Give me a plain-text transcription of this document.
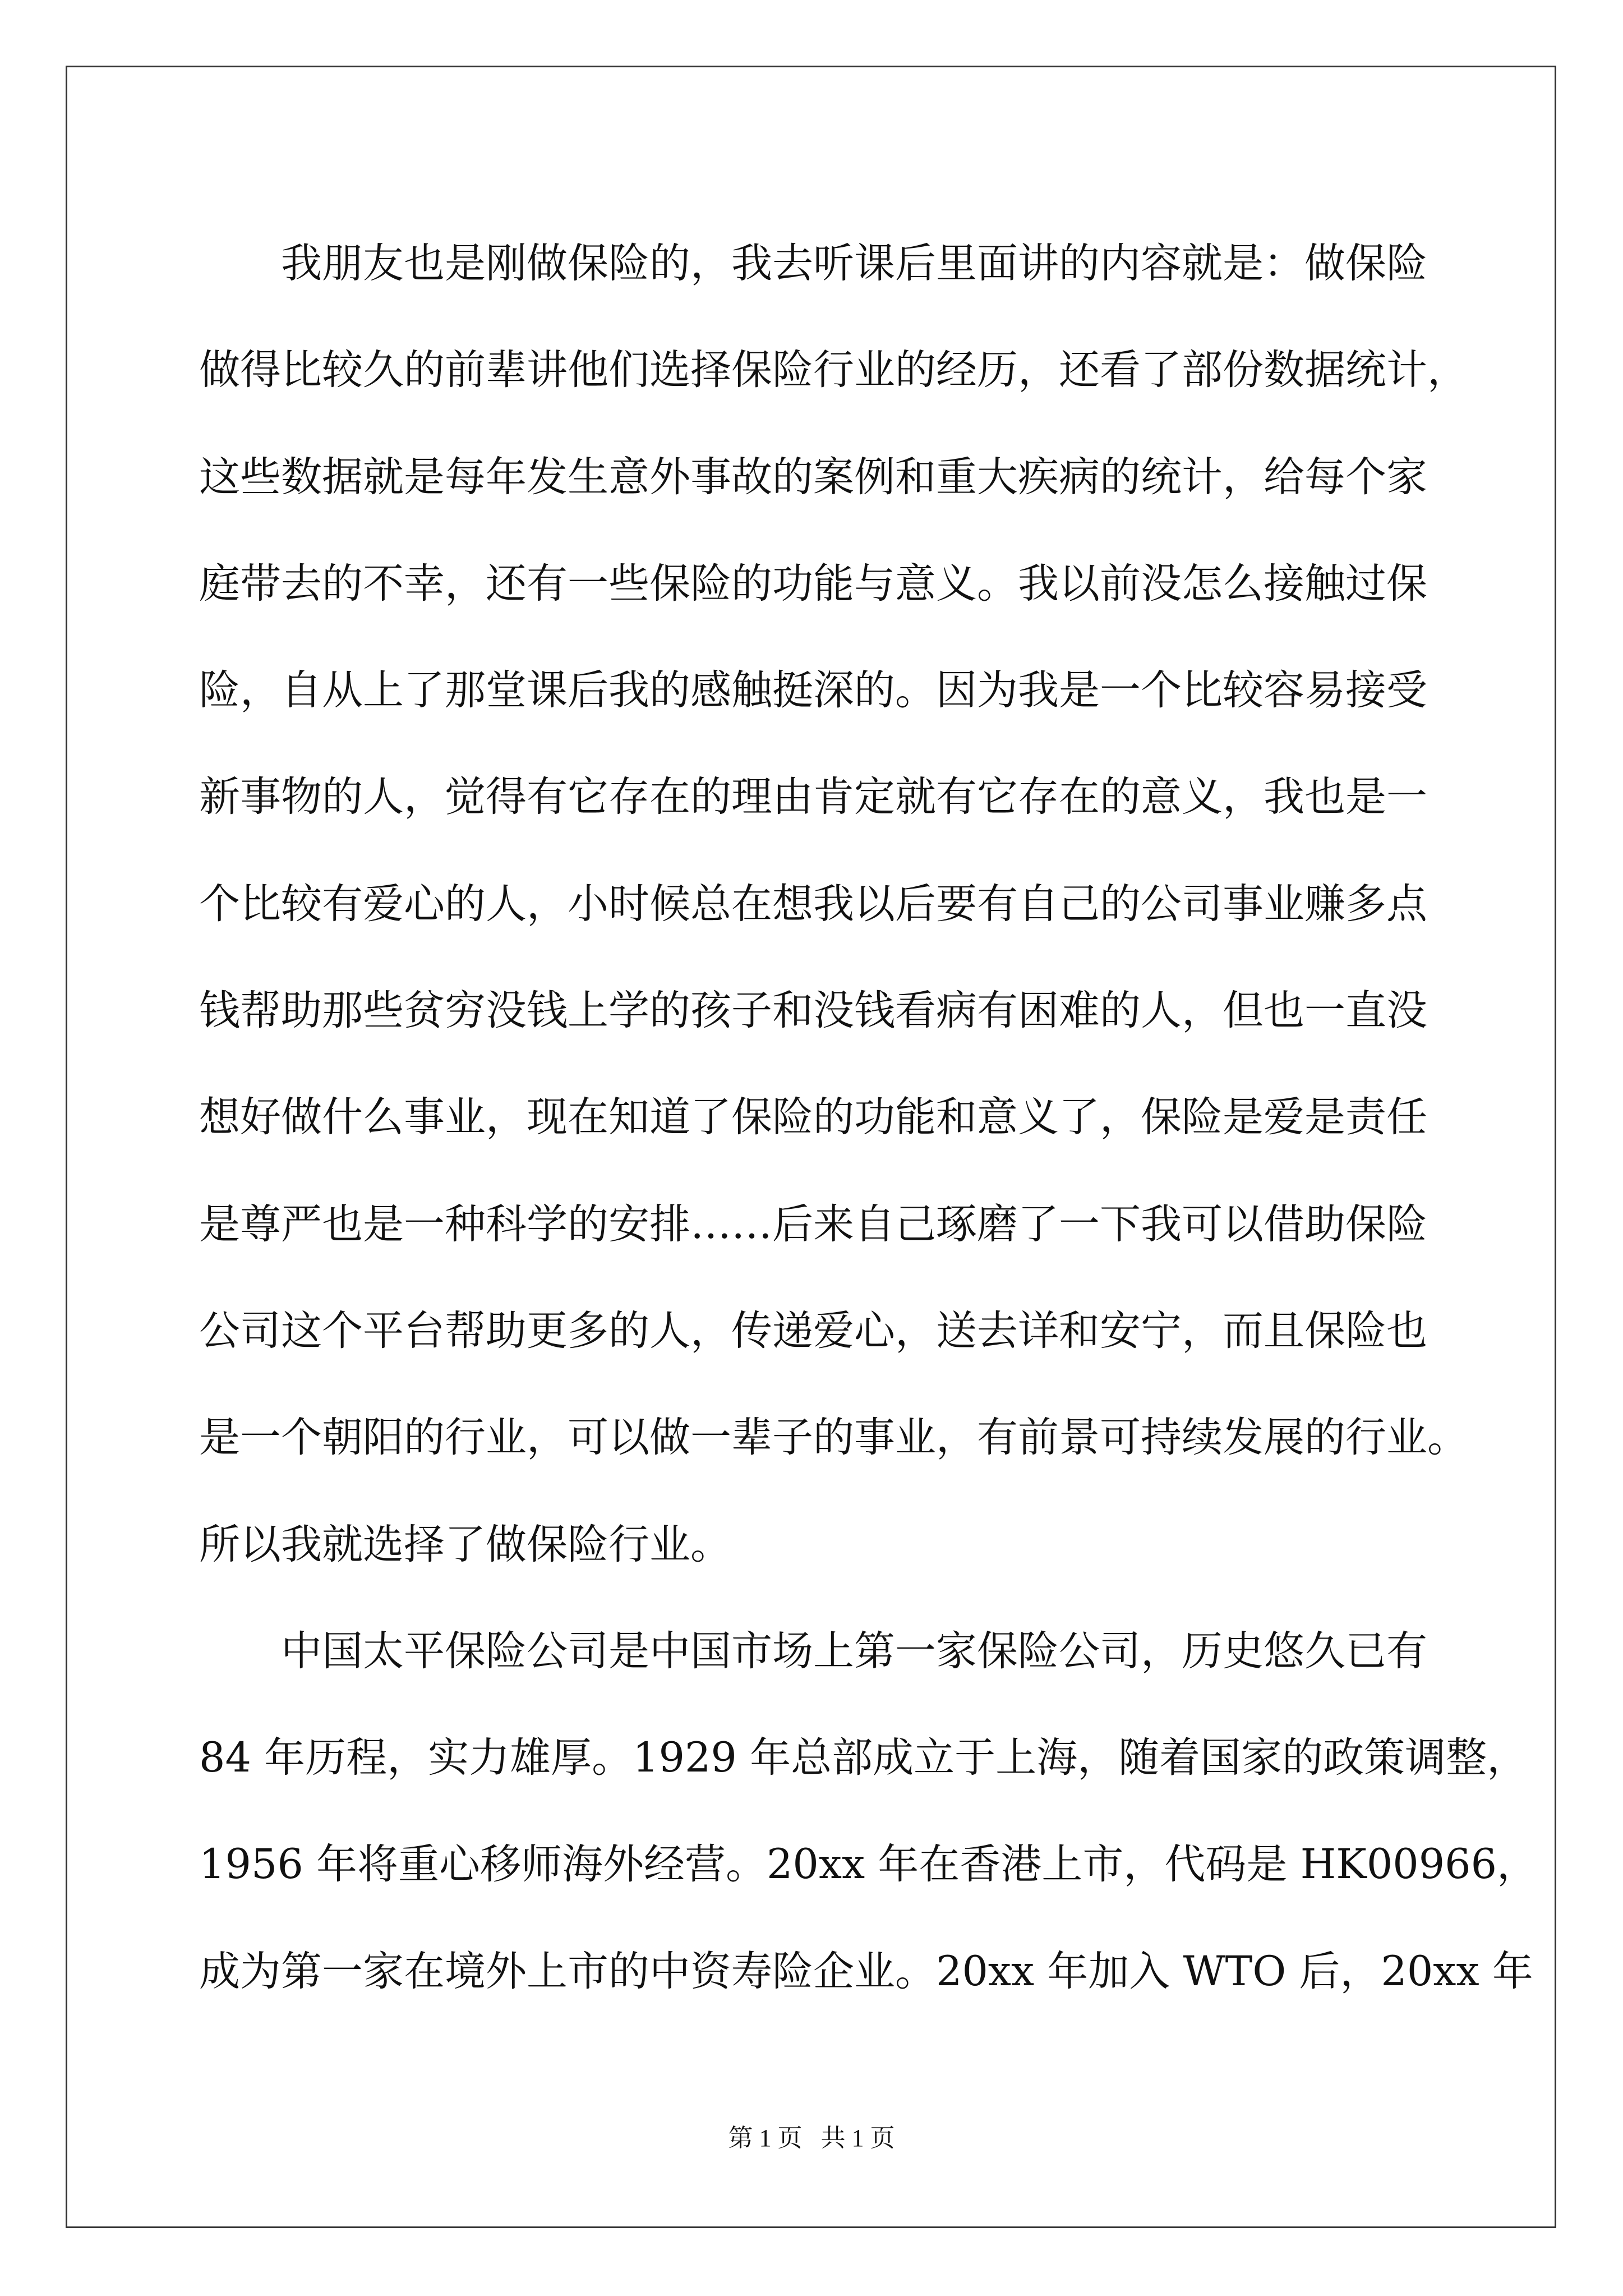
我朋友也是刚做保险的，我去听课后里面讲的内容就是：做保险
做得比较久的前辈讲他们选择保险行业的经历，还看了部份数据统计，
这些数据就是每年发生意外事故的案例和重大疾病的统计，给每个家
庭带去的不幸，还有一些保险的功能与意义。我以前没怎么接触过保
险，自从上了那堂课后我的感触挺深的。因为我是一个比较容易接受
新事物的人，觉得有它存在的理由肯定就有它存在的意义，我也是一
个比较有爱心的人，小时候总在想我以后要有自己的公司事业赚多点
钱帮助那些贫穷没钱上学的孩子和没钱看病有困难的人，但也一直没
想好做什么事业，现在知道了保险的功能和意义了，保险是爱是责任
是尊严也是一种科学的安排……后来自己琢磨了一下我可以借助保险
公司这个平台帮助更多的人，传递爱心，送去详和安宁，而且保险也
是一个朝阳的行业，可以做一辈子的事业，有前景可持续发展的行业。
所以我就选择了做保险行业。
中国太平保险公司是中国市场上第一家保险公司，历史悠久已有
84 年历程，实力雄厚。1929 年总部成立于上海，随着国家的政策调整，
1956 年将重心移师海外经营。20xx 年在香港上市，代码是 HK00966，
成为第一家在境外上市的中资寿险企业。20xx 年加入 WTO 后，20xx 年
第 1 页 共 1 页
